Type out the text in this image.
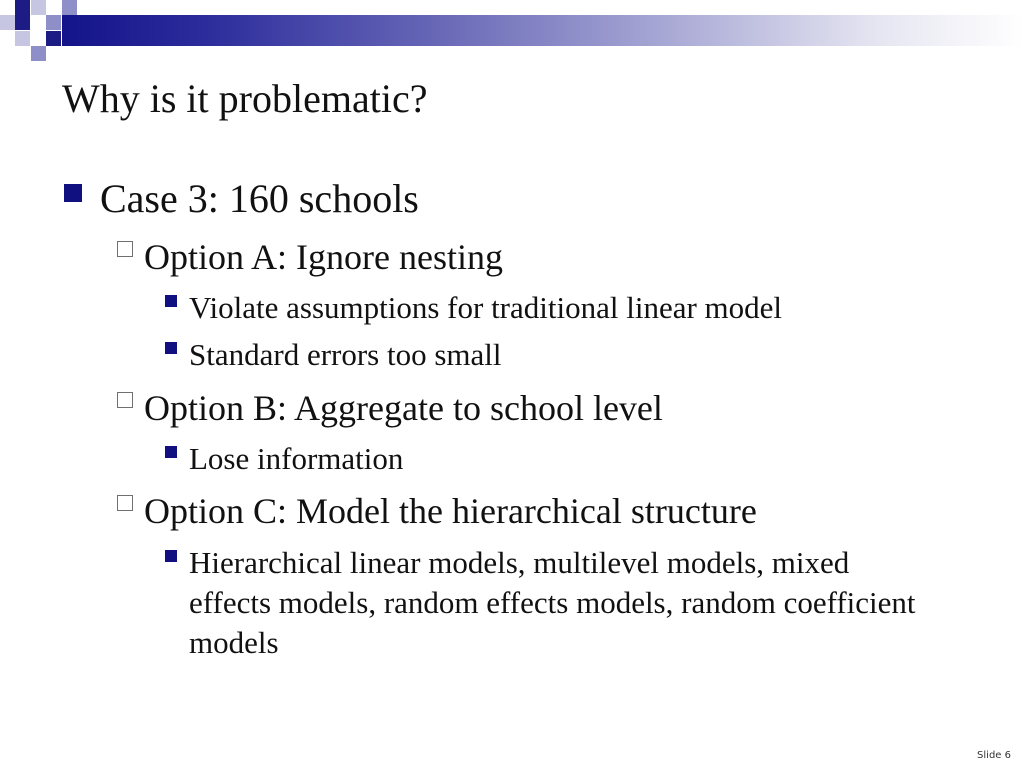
Why is it problematic?
Case 3: 160 schools
Option A: Ignore nesting
Violate assumptions for traditional linear model
Standard errors too small
Option B: Aggregate to school level
Lose information
Option C: Model the hierarchical structure
Hierarchical linear models, multilevel models, mixed effects models, random effects models, random coefficient models
Slide 6
